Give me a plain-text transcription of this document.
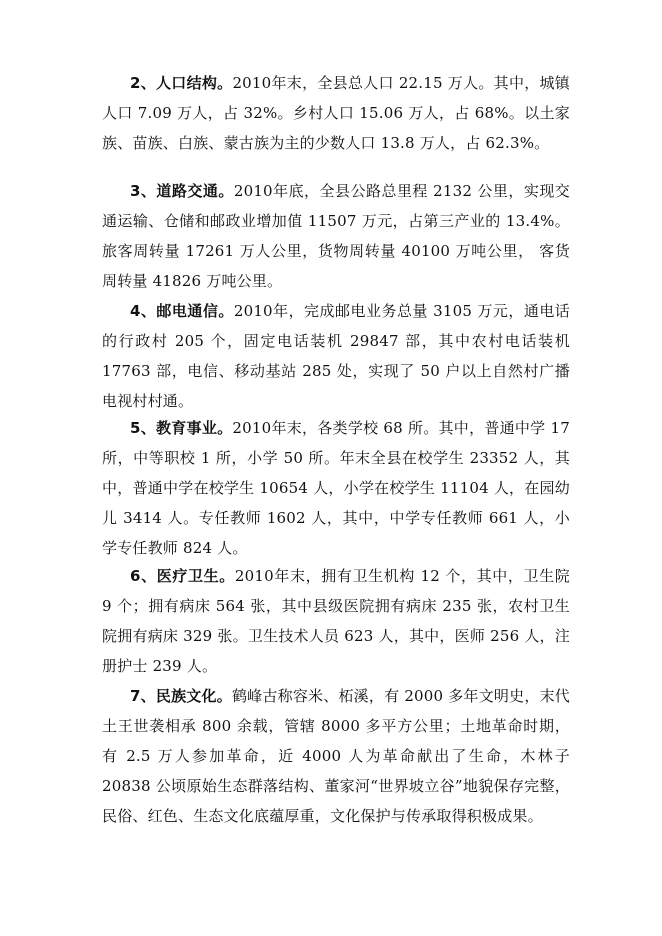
2、人口结构。2010年末，全县总人口 22.15 万人。其中，城镇人口 7.09 万人，占 32%。乡村人口 15.06 万人，占 68%。以土家族、苗族、白族、蒙古族为主的少数人口 13.8 万人，占 62.3%。

3、道路交通。2010年底，全县公路总里程 2132 公里，实现交通运输、仓储和邮政业增加值 11507 万元，占第三产业的 13.4%。旅客周转量 17261 万人公里，货物周转量 40100 万吨公里， 客货周转量 41826 万吨公里。

4、邮电通信。2010年，完成邮电业务总量 3105 万元，通电话的行政村 205 个，固定电话装机 29847 部，其中农村电话装机 17763 部，电信、移动基站 285 处，实现了 50 户以上自然村广播电视村村通。

5、教育事业。2010年末，各类学校 68 所。其中，普通中学 17 所，中等职校 1 所，小学 50 所。年末全县在校学生 23352 人，其中，普通中学在校学生 10654 人，小学在校学生 11104 人，在园幼儿 3414 人。专任教师 1602 人，其中，中学专任教师 661 人，小学专任教师 824 人。

6、医疗卫生。2010年末，拥有卫生机构 12 个，其中，卫生院 9 个；拥有病床 564 张，其中县级医院拥有病床 235 张，农村卫生院拥有病床 329 张。卫生技术人员 623 人，其中，医师 256 人，注册护士 239 人。

7、民族文化。鹤峰古称容米、柘溪，有 2000 多年文明史，末代土王世袭相承 800 余载，管辖 8000 多平方公里；土地革命时期，有 2.5 万人参加革命，近 4000 人为革命献出了生命，木林子 20838 公顷原始生态群落结构、董家河“世界坡立谷”地貌保存完整，民俗、红色、生态文化底蕴厚重，文化保护与传承取得积极成果。
